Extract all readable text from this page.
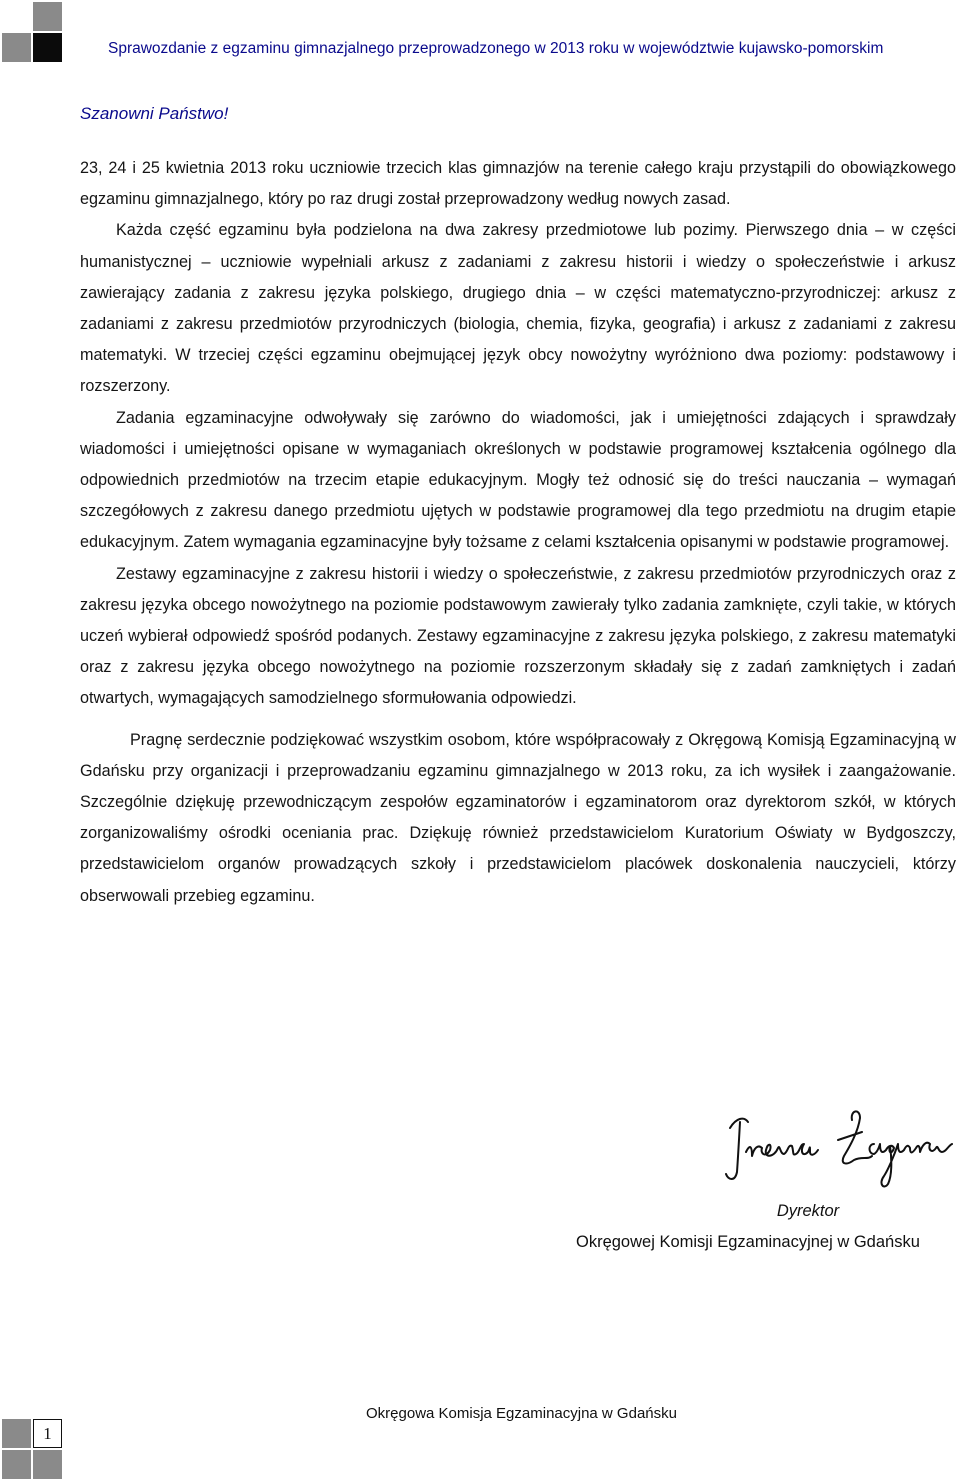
Sprawozdanie z egzaminu gimnazjalnego przeprowadzonego w 2013 roku w województwie kujawsko-pomorskim
Szanowni Państwo!

23, 24 i 25 kwietnia 2013 roku uczniowie trzecich klas gimnazjów na terenie całego kraju przystąpili do obowiązkowego egzaminu gimnazjalnego, który po raz drugi został przeprowadzony według nowych zasad.

Każda część egzaminu była podzielona na dwa zakresy przedmiotowe lub pozimy. Pierwszego dnia – w części humanistycznej – uczniowie wypełniali arkusz z zadaniami z zakresu historii i wiedzy o społeczeństwie i arkusz zawierający zadania z zakresu języka polskiego, drugiego dnia – w części matematyczno-przyrodniczej: arkusz z zadaniami z zakresu przedmiotów przyrodniczych (biologia, chemia, fizyka, geografia) i arkusz z zadaniami z zakresu matematyki. W trzeciej części egzaminu obejmującej język obcy nowożytny wyróżniono dwa poziomy: podstawowy i rozszerzony.

Zadania egzaminacyjne odwoływały się zarówno do wiadomości, jak i umiejętności zdających i sprawdzały wiadomości i umiejętności opisane w wymaganiach określonych w podstawie programowej kształcenia ogólnego dla odpowiednich przedmiotów na trzecim etapie edukacyjnym. Mogły też odnosić się do treści nauczania – wymagań szczegółowych z zakresu danego przedmiotu ujętych w podstawie programowej dla tego przedmiotu na drugim etapie edukacyjnym. Zatem wymagania egzaminacyjne były tożsame z celami kształcenia opisanymi w podstawie programowej.

Zestawy egzaminacyjne z zakresu historii i wiedzy o społeczeństwie, z zakresu przedmiotów przyrodniczych oraz z zakresu języka obcego nowożytnego na poziomie podstawowym zawierały tylko zadania zamknięte, czyli takie, w których uczeń wybierał odpowiedź spośród podanych. Zestawy egzaminacyjne z zakresu języka polskiego, z zakresu matematyki oraz z zakresu języka obcego nowożytnego na poziomie rozszerzonym składały się z zadań zamkniętych i zadań otwartych, wymagających samodzielnego sformułowania odpowiedzi.

Pragnę serdecznie podziękować wszystkim osobom, które współpracowały z Okręgową Komisją Egzaminacyjną w Gdańsku przy organizacji i przeprowadzaniu egzaminu gimnazjalnego w 2013 roku, za ich wysiłek i zaangażowanie. Szczególnie dziękuję przewodniczącym zespołów egzaminatorów i egzaminatorom oraz dyrektorom szkół, w których zorganizowaliśmy ośrodki oceniania prac. Dziękuję również przedstawicielom Kuratorium Oświaty w Bydgoszczy, przedstawicielom organów prowadzących szkoły i przedstawicielom placówek doskonalenia nauczycieli, którzy obserwowali przebieg egzaminu.

Dyrektor
Okręgowej Komisji Egzaminacyjnej w Gdańsku
1
Okręgowa Komisja Egzaminacyjna w Gdańsku
